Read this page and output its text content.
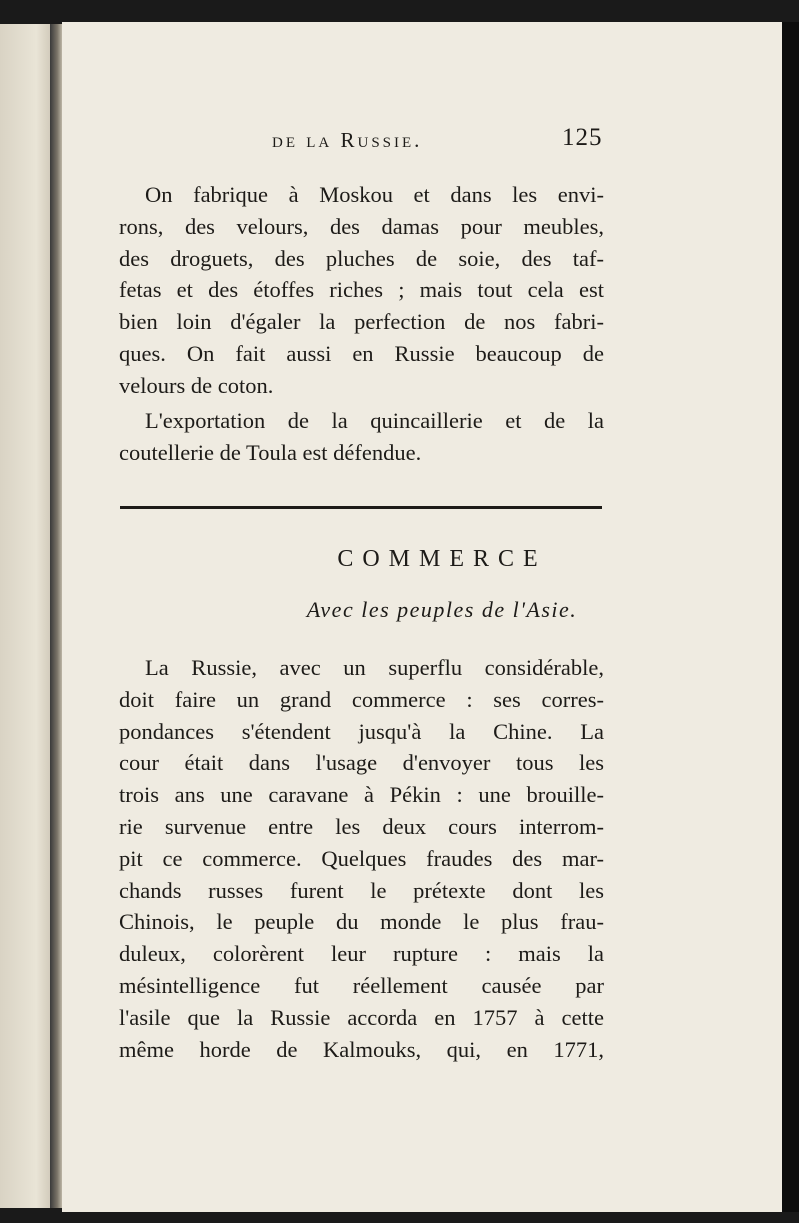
de la Russie.	125
On fabrique à Moskou et dans les envi-
rons, des velours, des damas pour meubles,
des droguets, des pluches de soie, des taf-
fetas et des étoffes riches ; mais tout cela est
bien loin d'égaler la perfection de nos fabri-
ques. On fait aussi en Russie beaucoup de
velours de coton.
L'exportation de la quincaillerie et de la
coutellerie de Toula est défendue.
COMMERCE
Avec les peuples de l'Asie.
La Russie, avec un superflu considérable,
doit faire un grand commerce : ses corres-
pondances s'étendent jusqu'à la Chine. La
cour était dans l'usage d'envoyer tous les
trois ans une caravane à Pékin : une brouille-
rie survenue entre les deux cours interrom-
pit ce commerce. Quelques fraudes des mar-
chands russes furent le prétexte dont les
Chinois, le peuple du monde le plus frau-
duleux, colorèrent leur rupture : mais la
mésintelligence fut réellement causée par
l'asile que la Russie accorda en 1757 à cette
même horde de Kalmouks, qui, en 1771,
